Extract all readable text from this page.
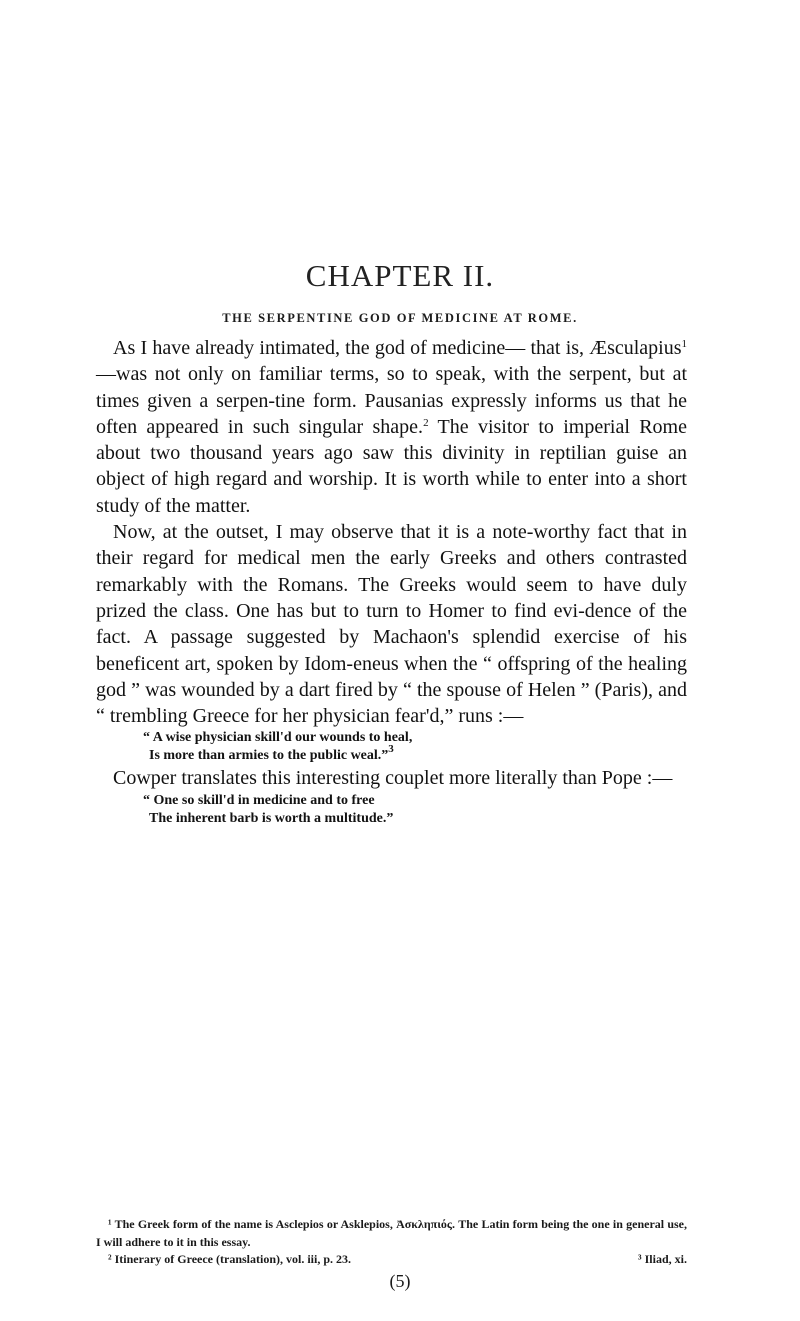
CHAPTER II.
THE SERPENTINE GOD OF MEDICINE AT ROME.

As I have already intimated, the god of medicine— that is, Æsculapius$^1$—was not only on familiar terms, so to speak, with the serpent, but at times given a serpen-tine form. Pausanias expressly informs us that he often appeared in such singular shape.$^2$ The visitor to imperial Rome about two thousand years ago saw this divinity in reptilian guise an object of high regard and worship. It is worth while to enter into a short study of the matter.

Now, at the outset, I may observe that it is a note-worthy fact that in their regard for medical men the early Greeks and others contrasted remarkably with the Romans. The Greeks would seem to have duly prized the class. One has but to turn to Homer to find evi-dence of the fact. A passage suggested by Machaon's splendid exercise of his beneficent art, spoken by Idom-eneus when the “ offspring of the healing god ” was wounded by a dart fired by “ the spouse of Helen ” (Paris), and “ trembling Greece for her physician fear'd,” runs :—

“ A wise physician skill'd our wounds to heal,
Is more than armies to the public weal.”$^3$

Cowper translates this interesting couplet more literally than Pope :—

“ One so skill'd in medicine and to free
The inherent barb is worth a multitude.”

¹ The Greek form of the name is Asclepios or Asklepios, Ἀσκληπιός. The Latin form being the one in general use, I will adhere to it in this essay.

² Itinerary of Greece (translation), vol. iii, p. 23.	³ Iliad, xi.
(5)
